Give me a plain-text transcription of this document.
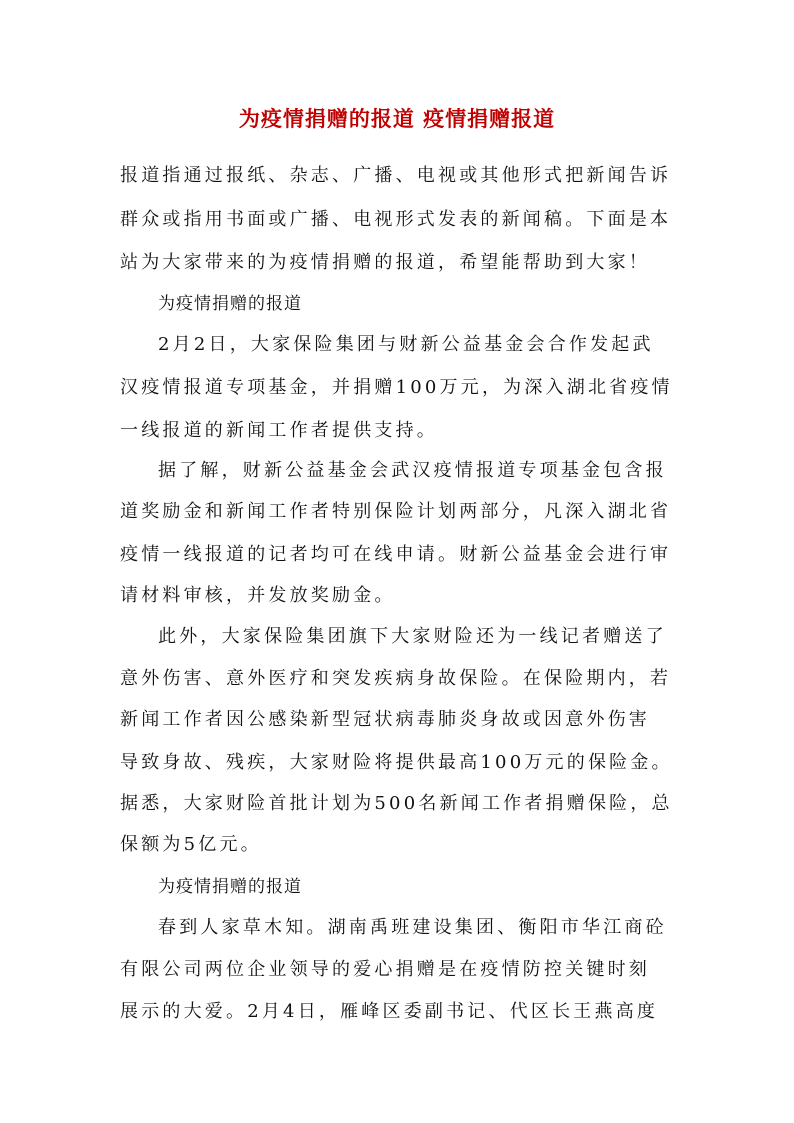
为疫情捐赠的报道 疫情捐赠报道
报道指通过报纸、杂志、广播、电视或其他形式把新闻告诉
群众或指用书面或广播、电视形式发表的新闻稿。下面是本
站为大家带来的为疫情捐赠的报道，希望能帮助到大家！
为疫情捐赠的报道
2月2日，大家保险集团与财新公益基金会合作发起武
汉疫情报道专项基金，并捐赠100万元，为深入湖北省疫情
一线报道的新闻工作者提供支持。
据了解，财新公益基金会武汉疫情报道专项基金包含报
道奖励金和新闻工作者特别保险计划两部分，凡深入湖北省
疫情一线报道的记者均可在线申请。财新公益基金会进行审
请材料审核，并发放奖励金。
此外，大家保险集团旗下大家财险还为一线记者赠送了
意外伤害、意外医疗和突发疾病身故保险。在保险期内，若
新闻工作者因公感染新型冠状病毒肺炎身故或因意外伤害
导致身故、残疾，大家财险将提供最高100万元的保险金。
据悉，大家财险首批计划为500名新闻工作者捐赠保险，总
保额为5亿元。
为疫情捐赠的报道
春到人家草木知。湖南禹班建设集团、衡阳市华江商砼
有限公司两位企业领导的爱心捐赠是在疫情防控关键时刻
展示的大爱。2月4日，雁峰区委副书记、代区长王燕高度
